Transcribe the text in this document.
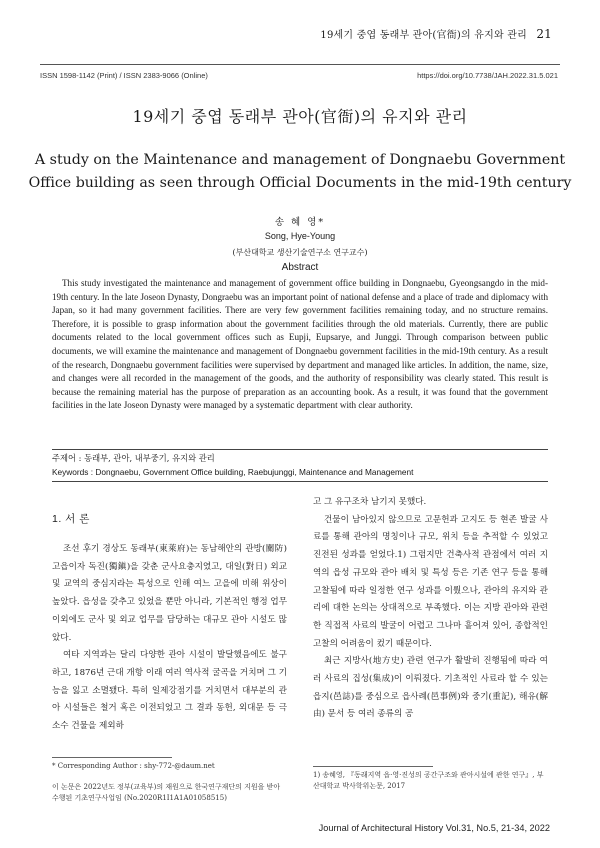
19세기 중엽 동래부 관아(官衙)의 유지와 관리 21
ISSN 1598-1142 (Print) / ISSN 2383-9066 (Online)	https://doi.org/10.7738/JAH.2022.31.5.021
19세기 중엽 동래부 관아(官衙)의 유지와 관리
A study on the Maintenance and management of Dongnaebu Government
Office building as seen through Official Documents in the mid-19th century
송 혜 영*
Song, Hye-Young
(부산대학교 생산기술연구소 연구교수)
Abstract

This study investigated the maintenance and management of government office building in Dongnaebu, Gyeongsangdo in the mid-19th century. In the late Joseon Dynasty, Dongraebu was an important point of national defense and a place of trade and diplomacy with Japan, so it had many government facilities. There are very few government facilities remaining today, and no structure remains. Therefore, it is possible to grasp information about the government facilities through the old materials. Currently, there are public documents related to the local government offices such as Eupji, Eupsarye, and Junggi. Through comparison between public documents, we will examine the maintenance and management of Dongnaebu government facilities in the mid-19th century. As a result of the research, Dongnaebu government facilities were supervised by department and managed like articles. In addition, the name, size, and changes were all recorded in the management of the goods, and the authority of responsibility was clearly stated. This result is because the remaining material has the purpose of preparation as an accounting book. As a result, it was found that the government facilities in the late Joseon Dynasty were managed by a systematic department with clear authority.

주제어 : 동래부, 관아, 내부중기, 유지와 관리
Keywords : Dongnaebu, Government Office building, Raebujunggi, Maintenance and Management
1. 서 론

조선 후기 경상도 동래부(東萊府)는 동남해안의 관방(關防) 고읍이자 독진(獨鎭)을 갖춘 군사요충지였고, 대일(對日) 외교 및 교역의 중심지라는 특성으로 인해 여느 고을에 비해 위상이 높았다. 읍성을 갖추고 있었을 뿐만 아니라, 기본적인 행정 업무 이외에도 군사 및 외교 업무를 담당하는 대규모 관아 시설도 많았다.

여타 지역과는 달리 다양한 관아 시설이 발달했음에도 불구하고, 1876년 근대 개항 이래 여러 역사적 굴곡을 거치며 그 기능을 잃고 소멸됐다. 특히 일제강점기를 거치면서 대부분의 관아 시설들은 철거 혹은 이전되었고 그 결과 동헌, 외대문 등 극소수 건물을 제외하

고 그 유구조차 남기지 못했다.

건물이 남아있지 않으므로 고문헌과 고지도 등 현존 발굴 사료를 통해 관아의 명칭이나 규모, 위치 등을 추적할 수 있었고 진전된 성과를 얻었다.1) 그럼지만 건축사적 관점에서 여러 지역의 읍성 규모와 관아 배치 및 특성 등은 기존 연구 등을 통해 고찰됨에 따라 일정한 연구 성과를 이뤘으나, 관아의 유지와 관리에 대한 논의는 상대적으로 부족했다. 이는 지방 관아와 관련한 직접적 사료의 발굴이 어렵고 그나마 흩어져 있어, 종합적인 고찰의 어려움이 컸기 때문이다.

최근 지방사(地方史) 관련 연구가 활발히 진행됨에 따라 여러 사료의 집성(集成)이 이뤄졌다. 기초적인 사료라 할 수 있는 읍지(邑誌)를 중심으로 읍사례(邑事例)와 중기(重記), 해유(解由) 문서 등 여러 종류의 공

* Corresponding Author : shy-772-@daum.net
이 논문은 2022년도 정부(교육부)의 재원으로 한국연구재단의 지원을 받아 수행된 기초연구사업임 (No.2020R1I1A1A01058515)
1) 송혜영, 『동래지역 읍·영·진성의 공간구조와 관아시설에 관한 연구』, 부산대학교 박사학위논문, 2017
Journal of Architectural History Vol.31, No.5, 21-34, 2022
